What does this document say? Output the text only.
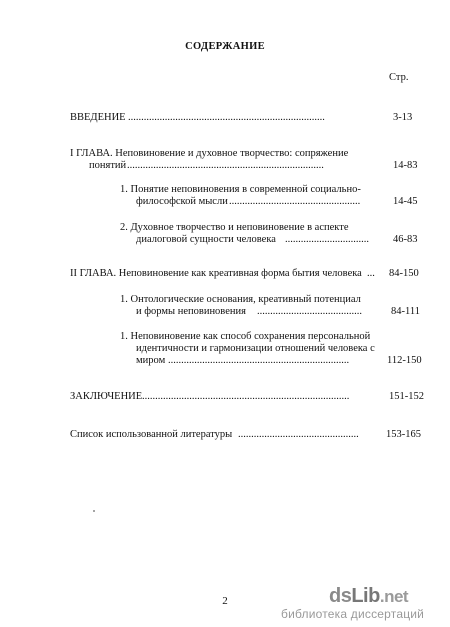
СОДЕРЖАНИЕ
Стр.
ВВЕДЕНИЕ ...........................................................................	3-13
I ГЛАВА. Неповиновение и духовное творчество: сопряжение
понятий ...........................................................................	14-83
1. Понятие неповиновения в современной социально-
философской мысли ..................................................	14-45
2. Духовное творчество и неповиновение в аспекте
диалоговой сущности человека ................................	46-83
II ГЛАВА. Неповиновение как креативная форма бытия человека ...	84-150
1. Онтологические основания, креативный потенциал
и формы неповиновения ........................................	84-111
1. Неповиновение как способ сохранения персональной
идентичности и гармонизации отношений человека с
миром .....................................................................	112-150
ЗАКЛЮЧЕНИЕ ...............................................................................	151-152
Список использованной литературы ..............................................	153-165
2	dsLib.net
библиотека диссертаций
